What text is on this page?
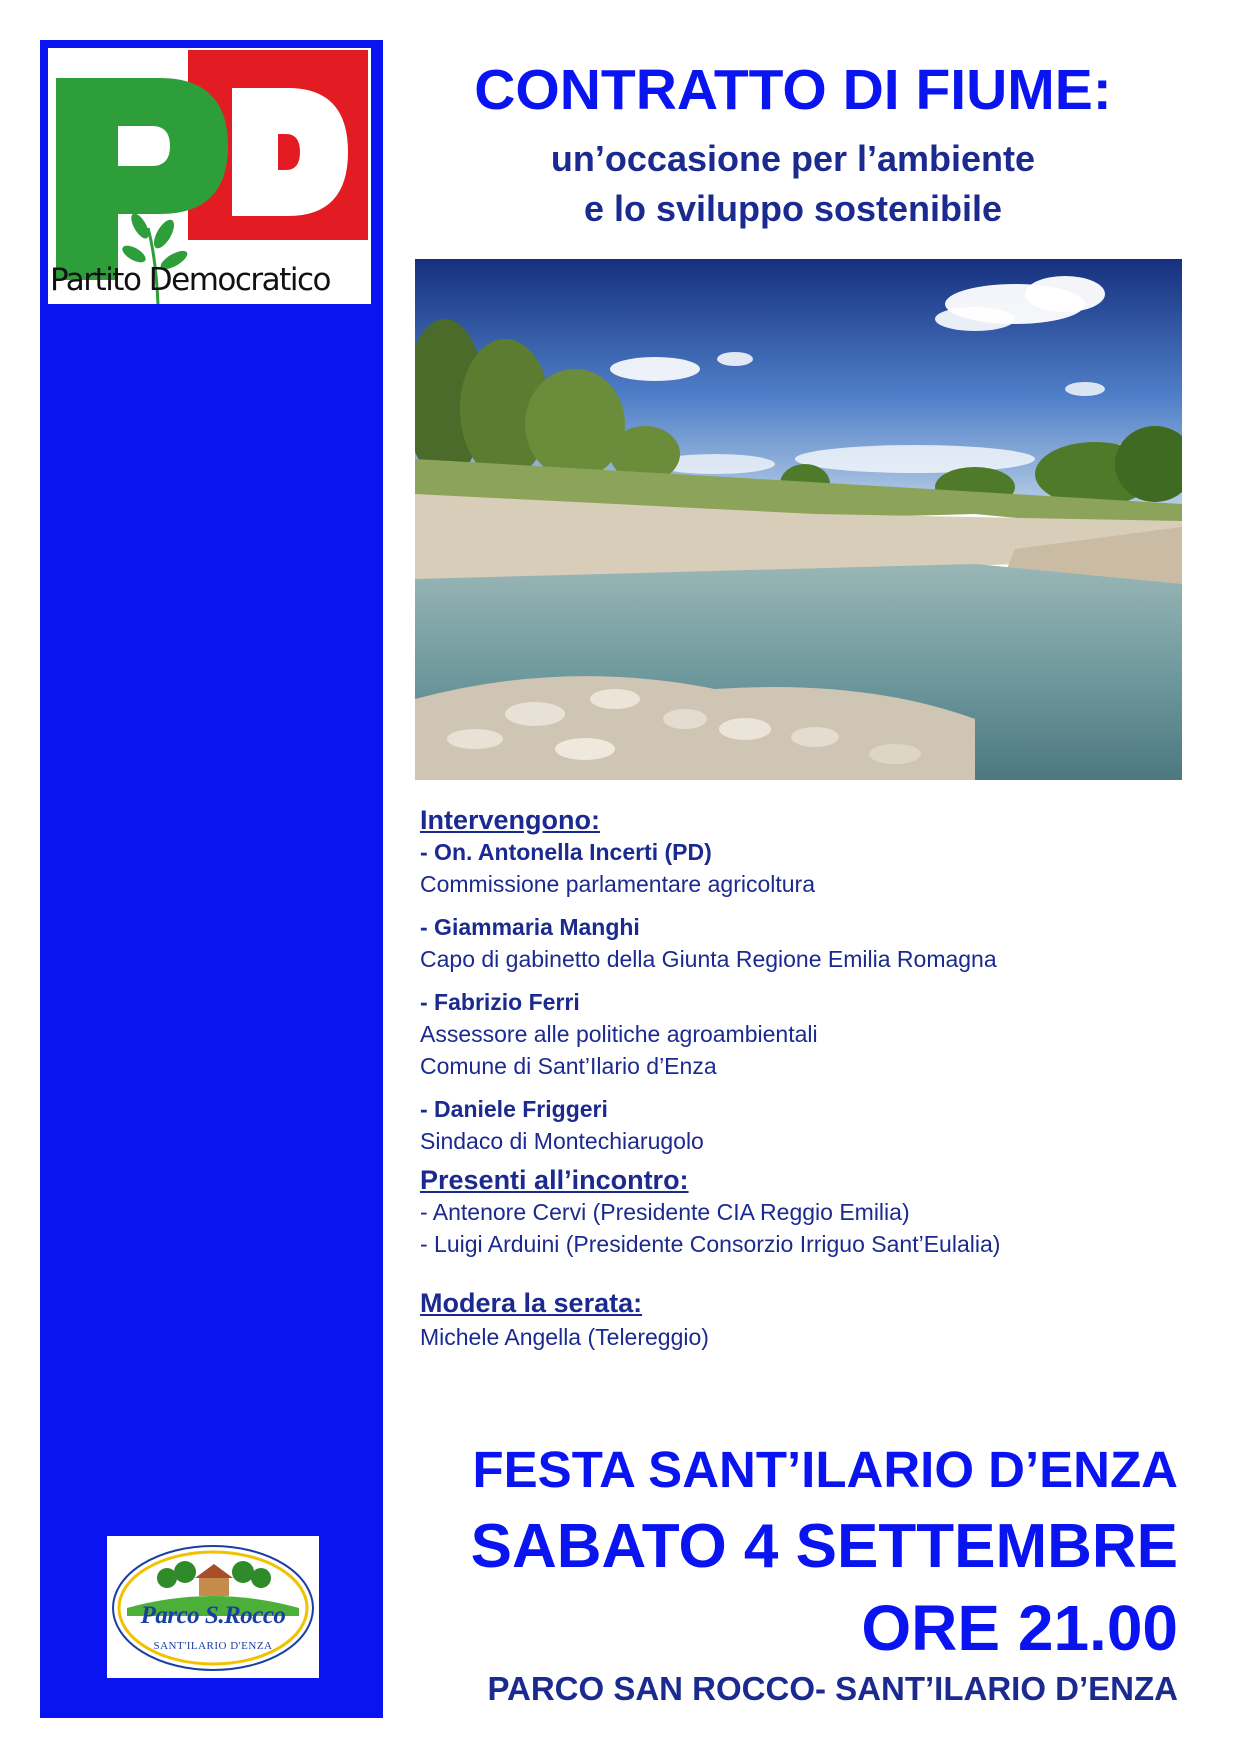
Partito Democratico
CONTRATTO DI FIUME:
un’occasione per l’ambiente
e lo sviluppo sostenibile
Intervengono:
- On. Antonella Incerti (PD)
Commissione parlamentare agricoltura
- Giammaria Manghi
Capo di gabinetto della Giunta Regione Emilia Romagna
- Fabrizio Ferri
Assessore alle politiche agroambientali
Comune di Sant’Ilario d’Enza
- Daniele Friggeri
Sindaco di Montechiarugolo
Presenti all’incontro:
- Antenore Cervi (Presidente CIA Reggio Emilia)
- Luigi Arduini (Presidente Consorzio Irriguo Sant’Eulalia)
Modera la serata:
Michele Angella (Telereggio)
FESTA SANT’ILARIO D’ENZA
SABATO 4 SETTEMBRE
ORE 21.00
PARCO SAN ROCCO- SANT’ILARIO D’ENZA
Parco S.Rocco
SANT'ILARIO D'ENZA
